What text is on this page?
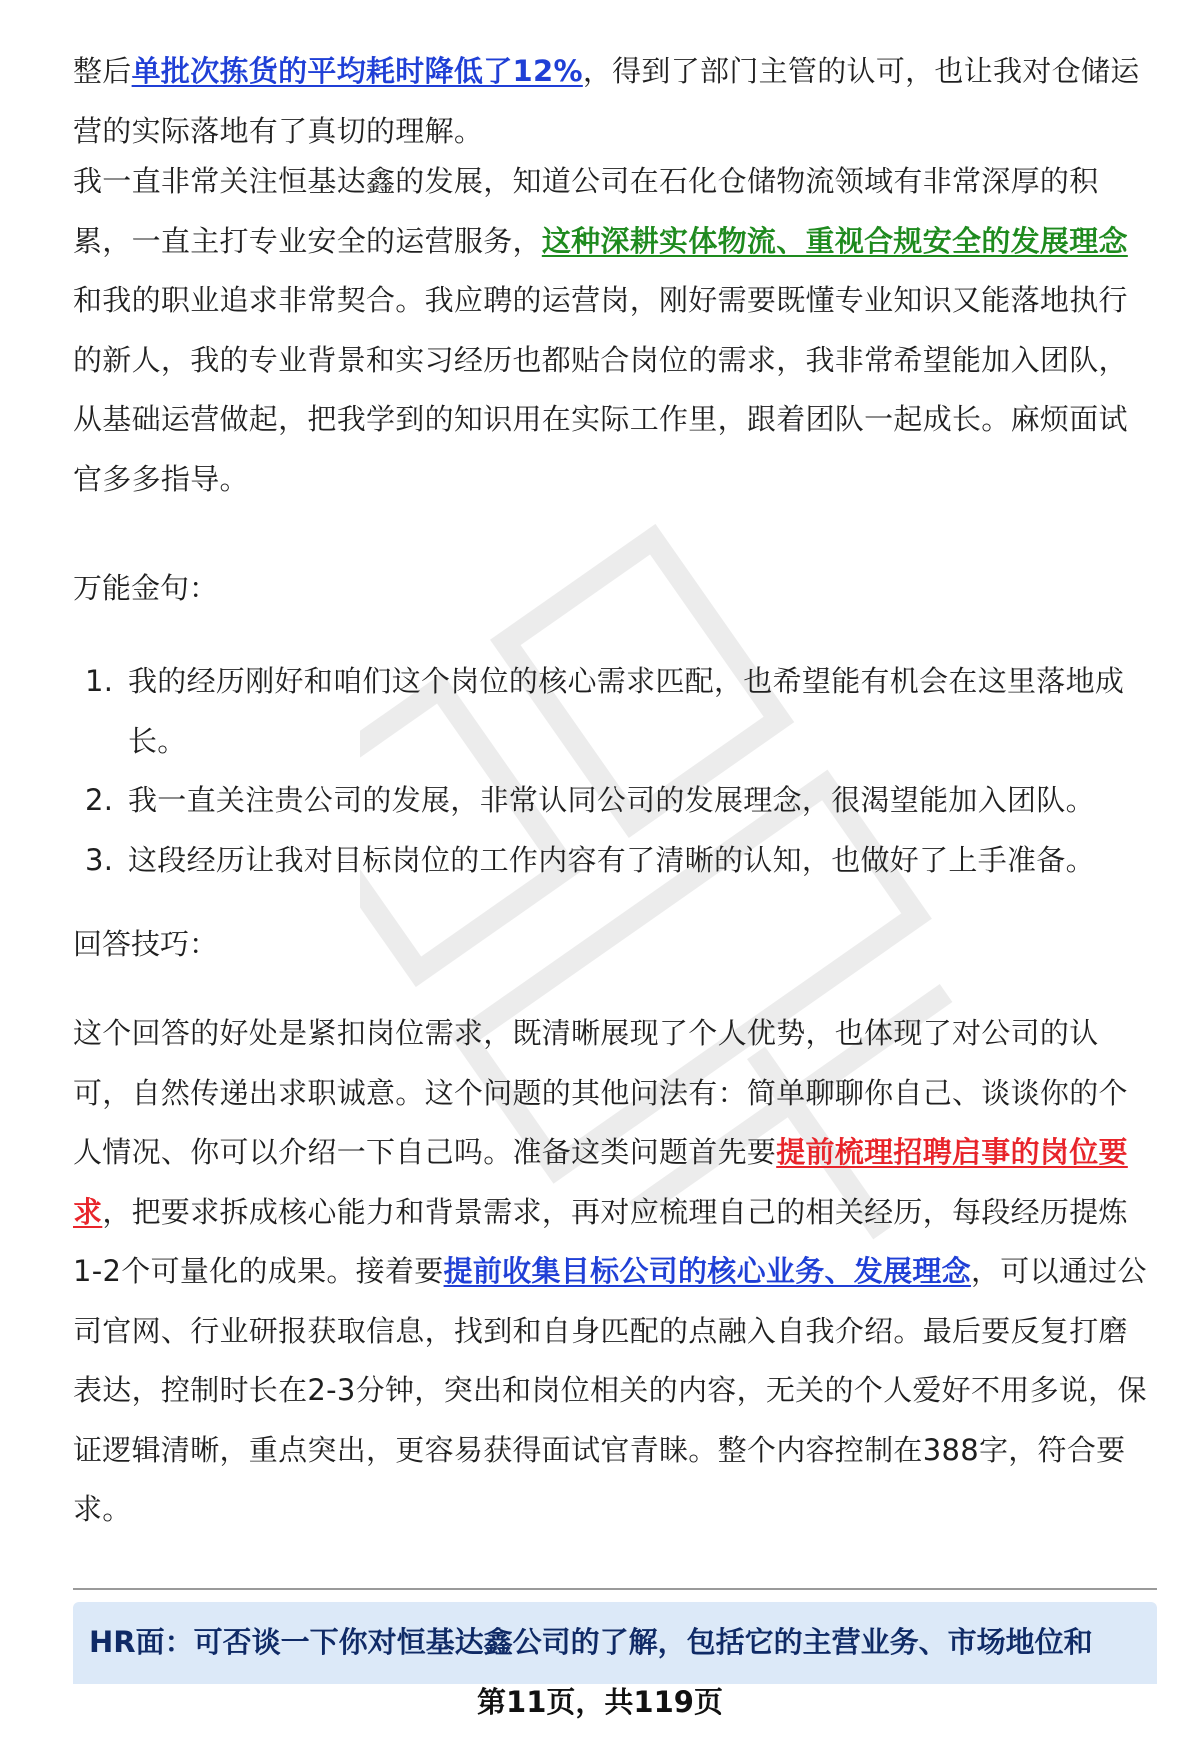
整后单批次拣货的平均耗时降低了12%，得到了部门主管的认可，也让我对仓储运营的实际落地有了真切的理解。

我一直非常关注恒基达鑫的发展，知道公司在石化仓储物流领域有非常深厚的积累，一直主打专业安全的运营服务，这种深耕实体物流、重视合规安全的发展理念和我的职业追求非常契合。我应聘的运营岗，刚好需要既懂专业知识又能落地执行的新人，我的专业背景和实习经历也都贴合岗位的需求，我非常希望能加入团队，从基础运营做起，把我学到的知识用在实际工作里，跟着团队一起成长。麻烦面试官多多指导。

万能金句：

1. 我的经历刚好和咱们这个岗位的核心需求匹配，也希望能有机会在这里落地成长。
2. 我一直关注贵公司的发展，非常认同公司的发展理念，很渴望能加入团队。
3. 这段经历让我对目标岗位的工作内容有了清晰的认知，也做好了上手准备。

回答技巧：

这个回答的好处是紧扣岗位需求，既清晰展现了个人优势，也体现了对公司的认可，自然传递出求职诚意。这个问题的其他问法有：简单聊聊你自己、谈谈你的个人情况、你可以介绍一下自己吗。准备这类问题首先要提前梳理招聘启事的岗位要求，把要求拆成核心能力和背景需求，再对应梳理自己的相关经历，每段经历提炼1-2个可量化的成果。接着要提前收集目标公司的核心业务、发展理念，可以通过公司官网、行业研报获取信息，找到和自身匹配的点融入自我介绍。最后要反复打磨表达，控制时长在2-3分钟，突出和岗位相关的内容，无关的个人爱好不用多说，保证逻辑清晰，重点突出，更容易获得面试官青睐。整个内容控制在388字，符合要求。

HR面：可否谈一下你对恒基达鑫公司的了解，包括它的主营业务、市场地位和
第11页，共119页
